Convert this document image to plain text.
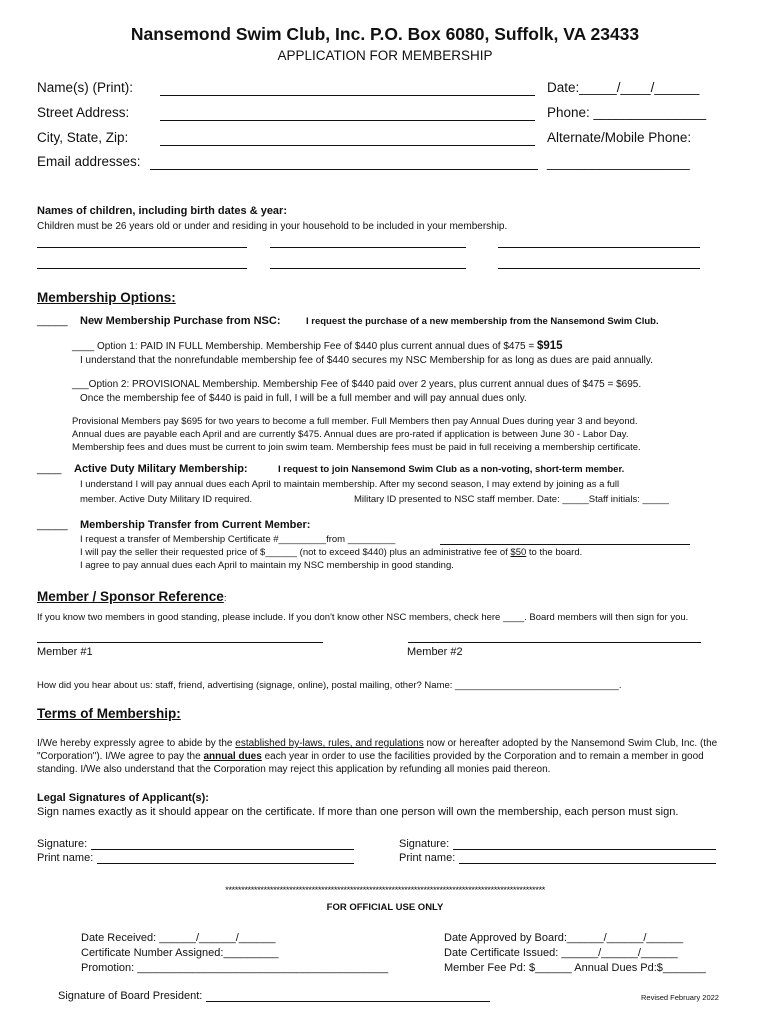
Nansemond Swim Club, Inc. P.O. Box 6080, Suffolk, VA 23433
APPLICATION FOR MEMBERSHIP
Name(s) (Print):
Street Address:
City, State, Zip:
Email addresses:
Date:_____/____/______
Phone: _______________
Alternate/Mobile Phone:
___________________
Names of children, including birth dates & year:
Children must be 26 years old or under and residing in your household to be included in your membership.
Membership Options:
_____ New Membership Purchase from NSC:	I request the purchase of a new membership from the Nansemond Swim Club.
____ Option 1: PAID IN FULL Membership. Membership Fee of $440 plus current annual dues of $475 = $915
I understand that the nonrefundable membership fee of $440 secures my NSC Membership for as long as dues are paid annually.
___Option 2: PROVISIONAL Membership. Membership Fee of $440 paid over 2 years, plus current annual dues of $475 = $695.
Once the membership fee of $440 is paid in full, I will be a full member and will pay annual dues only.
Provisional Members pay $695 for two years to become a full member. Full Members then pay Annual Dues during year 3 and beyond.
Annual dues are payable each April and are currently $475. Annual dues are pro-rated if application is between June 30 - Labor Day.
Membership fees and dues must be current to join swim team. Membership fees must be paid in full receiving a membership certificate.
____ Active Duty Military Membership:	I request to join Nansemond Swim Club as a non-voting, short-term member.
I understand I will pay annual dues each April to maintain membership. After my second season, I may extend by joining as a full
member. Active Duty Military ID required.	Military ID presented to NSC staff member. Date: _____Staff initials: _____
_____ Membership Transfer from Current Member:
I request a transfer of Membership Certificate #_________from _________
I will pay the seller their requested price of $______ (not to exceed $440) plus an administrative fee of $50 to the board.
I agree to pay annual dues each April to maintain my NSC membership in good standing.
Member / Sponsor Reference:
If you know two members in good standing, please include. If you don't know other NSC members, check here ____. Board members will then sign for you.
Member #1	Member #2
How did you hear about us: staff, friend, advertising (signage, online), postal mailing, other? Name: _______________________________.
Terms of Membership:
I/We hereby expressly agree to abide by the established by-laws, rules, and regulations now or hereafter adopted by the Nansemond Swim Club, Inc. (the "Corporation"). I/We agree to pay the annual dues each year in order to use the facilities provided by the Corporation and to remain a member in good standing. I/We also understand that the Corporation may reject this application by refunding all monies paid thereon.
Legal Signatures of Applicant(s):
Sign names exactly as it should appear on the certificate. If more than one person will own the membership, each person must sign.
Signature:
Print name:
Signature:
Print name:
****************************************************************************************************
FOR OFFICIAL USE ONLY
Date Received: ______/______/______
Certificate Number Assigned:_________
Promotion: _________________________________________
Date Approved by Board:______/______/______
Date Certificate Issued: ______/______/______
Member Fee Pd: $______ Annual Dues Pd:$_______
Signature of Board President:	Revised February 2022
